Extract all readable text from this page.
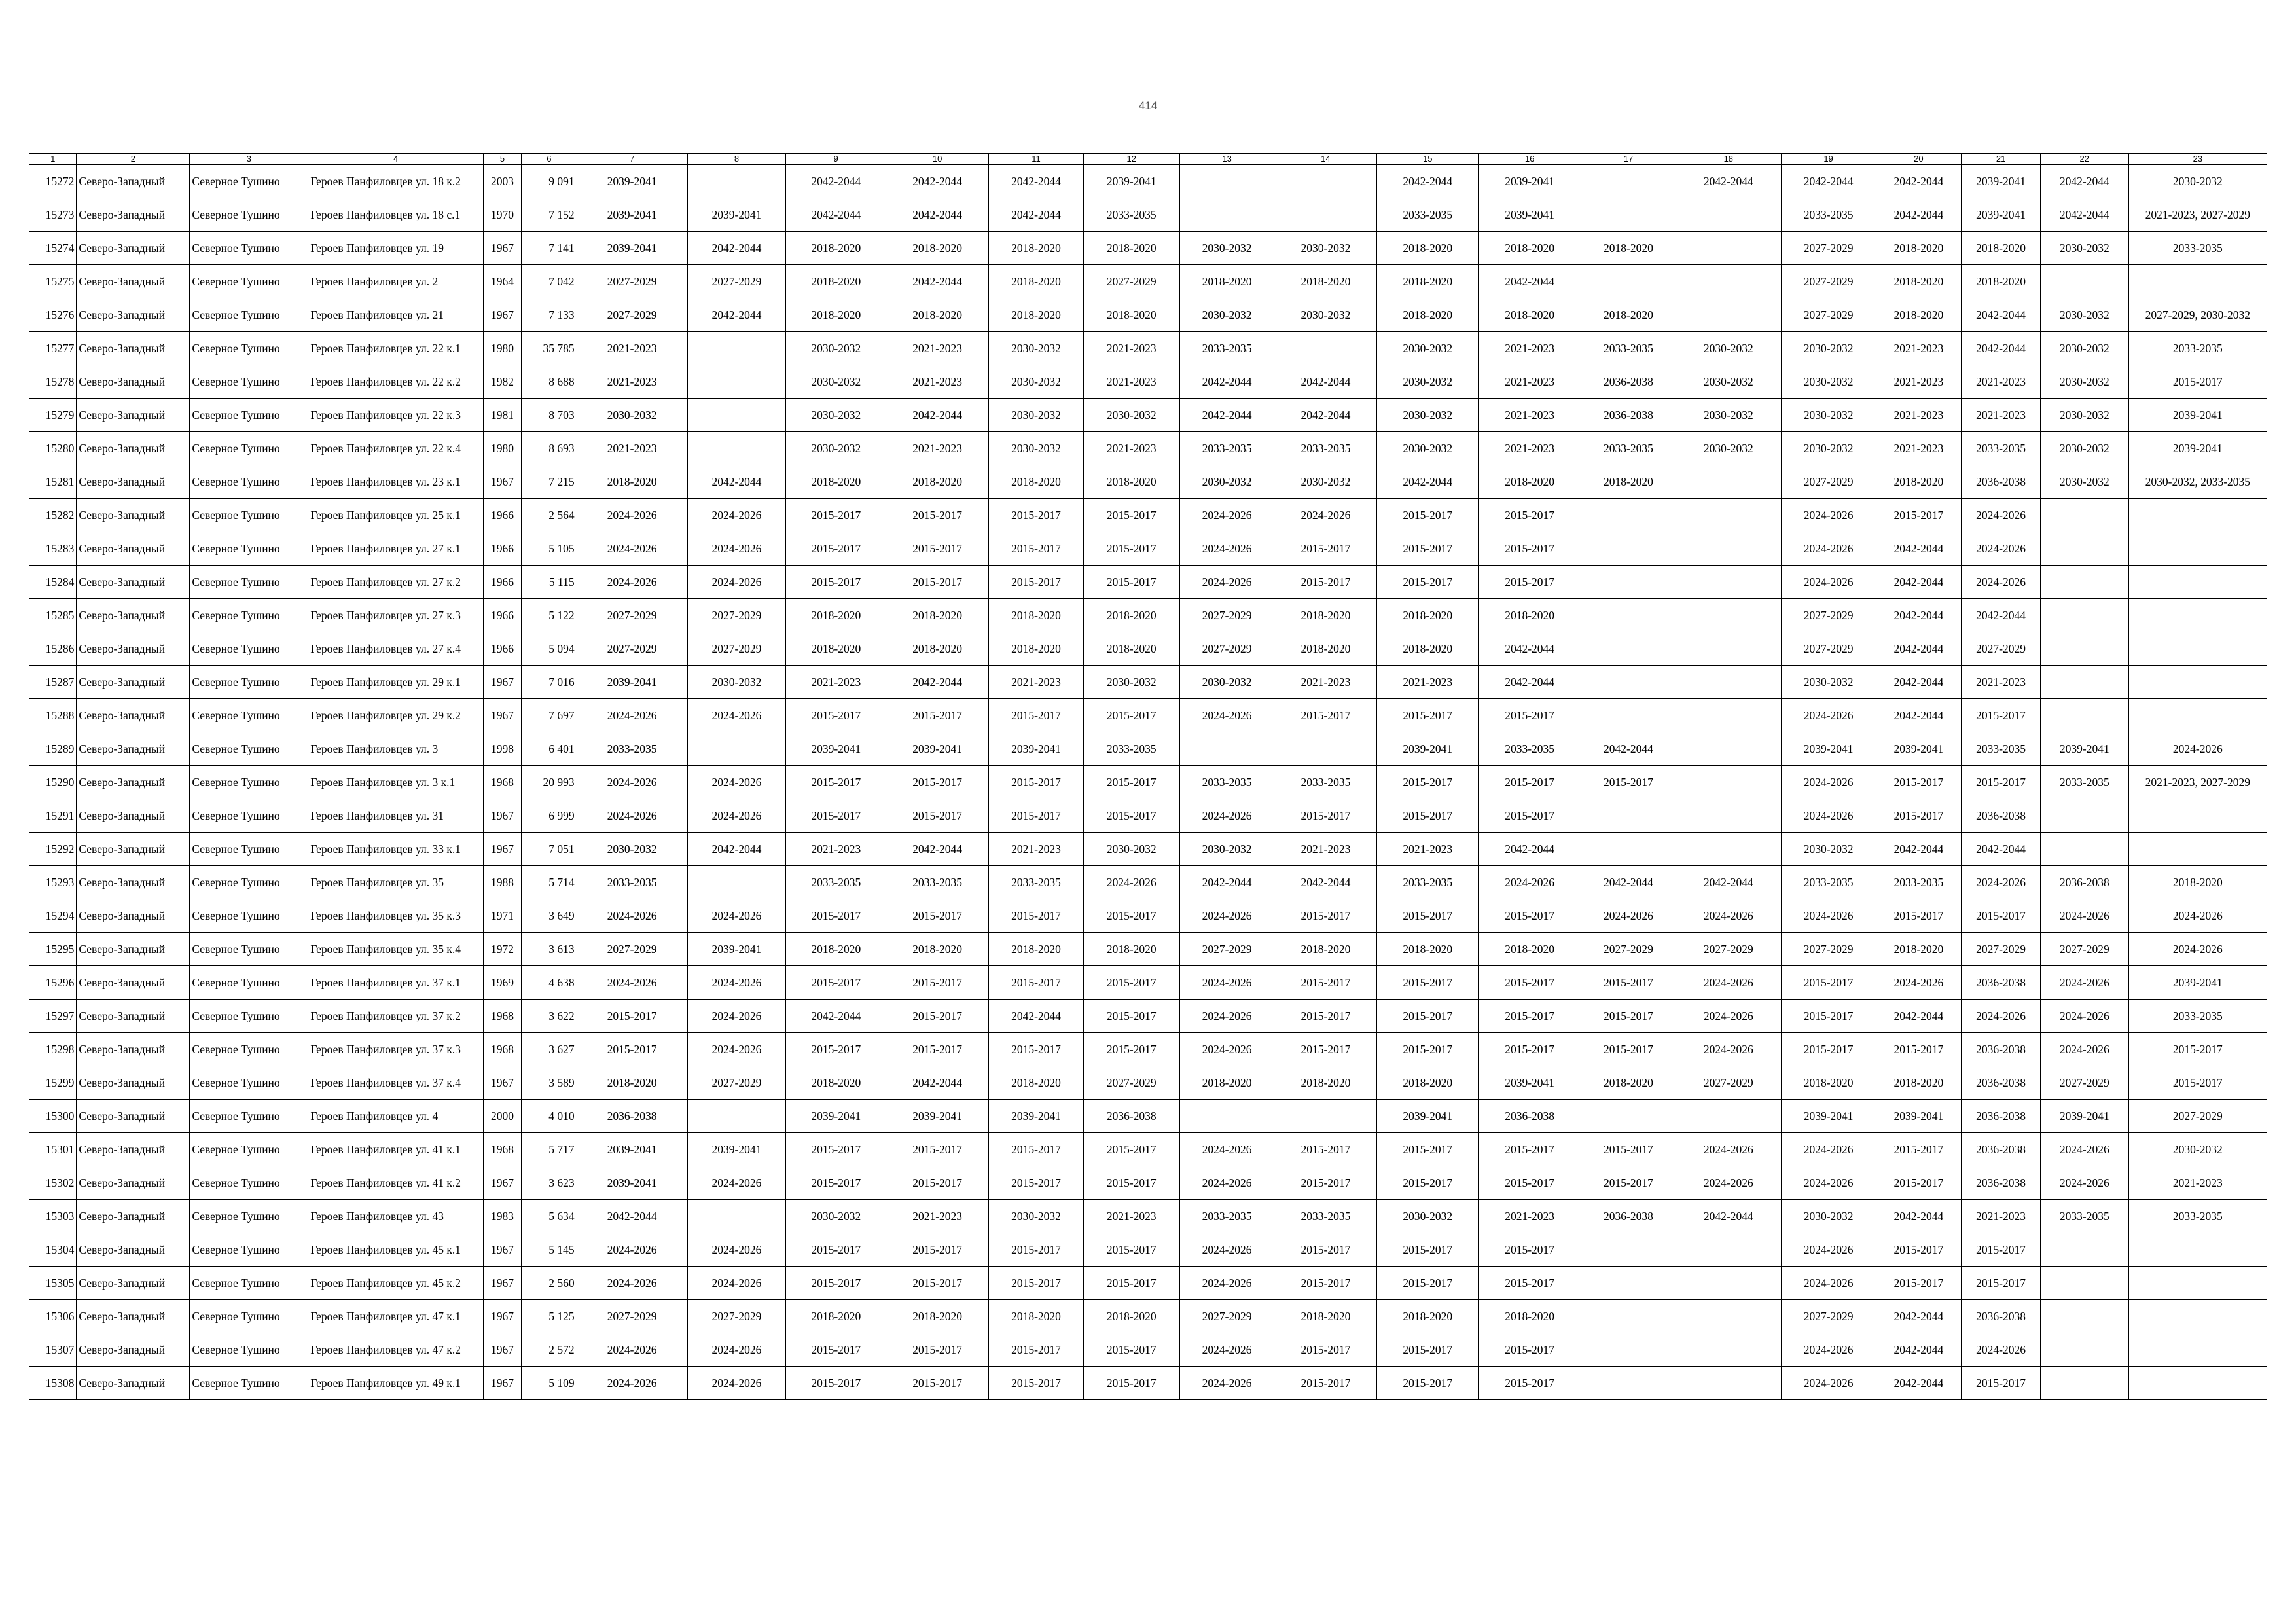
414
1	2	3	4	5	6	7	8	9	10	11	12	13	14	15	16	17	18	19	20	21	22	23
15272	Северо-Западный	Северное Тушино	Героев Панфиловцев ул. 18 к.2	2003	9 091	2039-2041		2042-2044	2042-2044	2042-2044	2039-2041			2042-2044	2039-2041		2042-2044	2042-2044	2042-2044	2039-2041	2042-2044	2030-2032
15273	Северо-Западный	Северное Тушино	Героев Панфиловцев ул. 18 с.1	1970	7 152	2039-2041	2039-2041	2042-2044	2042-2044	2042-2044	2033-2035			2033-2035	2039-2041			2033-2035	2042-2044	2039-2041	2042-2044	2021-2023, 2027-2029
15274	Северо-Западный	Северное Тушино	Героев Панфиловцев ул. 19	1967	7 141	2039-2041	2042-2044	2018-2020	2018-2020	2018-2020	2018-2020	2030-2032	2030-2032	2018-2020	2018-2020	2018-2020		2027-2029	2018-2020	2018-2020	2030-2032	2033-2035
15275	Северо-Западный	Северное Тушино	Героев Панфиловцев ул. 2	1964	7 042	2027-2029	2027-2029	2018-2020	2042-2044	2018-2020	2027-2029	2018-2020	2018-2020	2018-2020	2042-2044			2027-2029	2018-2020	2018-2020		
15276	Северо-Западный	Северное Тушино	Героев Панфиловцев ул. 21	1967	7 133	2027-2029	2042-2044	2018-2020	2018-2020	2018-2020	2018-2020	2030-2032	2030-2032	2018-2020	2018-2020	2018-2020		2027-2029	2018-2020	2042-2044	2030-2032	2027-2029, 2030-2032
15277	Северо-Западный	Северное Тушино	Героев Панфиловцев ул. 22 к.1	1980	35 785	2021-2023		2030-2032	2021-2023	2030-2032	2021-2023	2033-2035		2030-2032	2021-2023	2033-2035	2030-2032	2030-2032	2021-2023	2042-2044	2030-2032	2033-2035
15278	Северо-Западный	Северное Тушино	Героев Панфиловцев ул. 22 к.2	1982	8 688	2021-2023		2030-2032	2021-2023	2030-2032	2021-2023	2042-2044	2042-2044	2030-2032	2021-2023	2036-2038	2030-2032	2030-2032	2021-2023	2021-2023	2030-2032	2015-2017
15279	Северо-Западный	Северное Тушино	Героев Панфиловцев ул. 22 к.3	1981	8 703	2030-2032		2030-2032	2042-2044	2030-2032	2030-2032	2042-2044	2042-2044	2030-2032	2021-2023	2036-2038	2030-2032	2030-2032	2021-2023	2021-2023	2030-2032	2039-2041
15280	Северо-Западный	Северное Тушино	Героев Панфиловцев ул. 22 к.4	1980	8 693	2021-2023		2030-2032	2021-2023	2030-2032	2021-2023	2033-2035	2033-2035	2030-2032	2021-2023	2033-2035	2030-2032	2030-2032	2021-2023	2033-2035	2030-2032	2039-2041
15281	Северо-Западный	Северное Тушино	Героев Панфиловцев ул. 23 к.1	1967	7 215	2018-2020	2042-2044	2018-2020	2018-2020	2018-2020	2018-2020	2030-2032	2030-2032	2042-2044	2018-2020	2018-2020		2027-2029	2018-2020	2036-2038	2030-2032	2030-2032, 2033-2035
15282	Северо-Западный	Северное Тушино	Героев Панфиловцев ул. 25 к.1	1966	2 564	2024-2026	2024-2026	2015-2017	2015-2017	2015-2017	2015-2017	2024-2026	2024-2026	2015-2017	2015-2017			2024-2026	2015-2017	2024-2026		
15283	Северо-Западный	Северное Тушино	Героев Панфиловцев ул. 27 к.1	1966	5 105	2024-2026	2024-2026	2015-2017	2015-2017	2015-2017	2015-2017	2024-2026	2015-2017	2015-2017	2015-2017			2024-2026	2042-2044	2024-2026		
15284	Северо-Западный	Северное Тушино	Героев Панфиловцев ул. 27 к.2	1966	5 115	2024-2026	2024-2026	2015-2017	2015-2017	2015-2017	2015-2017	2024-2026	2015-2017	2015-2017	2015-2017			2024-2026	2042-2044	2024-2026		
15285	Северо-Западный	Северное Тушино	Героев Панфиловцев ул. 27 к.3	1966	5 122	2027-2029	2027-2029	2018-2020	2018-2020	2018-2020	2018-2020	2027-2029	2018-2020	2018-2020	2018-2020			2027-2029	2042-2044	2042-2044		
15286	Северо-Западный	Северное Тушино	Героев Панфиловцев ул. 27 к.4	1966	5 094	2027-2029	2027-2029	2018-2020	2018-2020	2018-2020	2018-2020	2027-2029	2018-2020	2018-2020	2042-2044			2027-2029	2042-2044	2027-2029		
15287	Северо-Западный	Северное Тушино	Героев Панфиловцев ул. 29 к.1	1967	7 016	2039-2041	2030-2032	2021-2023	2042-2044	2021-2023	2030-2032	2030-2032	2021-2023	2021-2023	2042-2044			2030-2032	2042-2044	2021-2023		
15288	Северо-Западный	Северное Тушино	Героев Панфиловцев ул. 29 к.2	1967	7 697	2024-2026	2024-2026	2015-2017	2015-2017	2015-2017	2015-2017	2024-2026	2015-2017	2015-2017	2015-2017			2024-2026	2042-2044	2015-2017		
15289	Северо-Западный	Северное Тушино	Героев Панфиловцев ул. 3	1998	6 401	2033-2035		2039-2041	2039-2041	2039-2041	2033-2035			2039-2041	2033-2035	2042-2044		2039-2041	2039-2041	2033-2035	2039-2041	2024-2026
15290	Северо-Западный	Северное Тушино	Героев Панфиловцев ул. 3 к.1	1968	20 993	2024-2026	2024-2026	2015-2017	2015-2017	2015-2017	2015-2017	2033-2035	2033-2035	2015-2017	2015-2017	2015-2017		2024-2026	2015-2017	2015-2017	2033-2035	2021-2023, 2027-2029
15291	Северо-Западный	Северное Тушино	Героев Панфиловцев ул. 31	1967	6 999	2024-2026	2024-2026	2015-2017	2015-2017	2015-2017	2015-2017	2024-2026	2015-2017	2015-2017	2015-2017			2024-2026	2015-2017	2036-2038		
15292	Северо-Западный	Северное Тушино	Героев Панфиловцев ул. 33 к.1	1967	7 051	2030-2032	2042-2044	2021-2023	2042-2044	2021-2023	2030-2032	2030-2032	2021-2023	2021-2023	2042-2044			2030-2032	2042-2044	2042-2044		
15293	Северо-Западный	Северное Тушино	Героев Панфиловцев ул. 35	1988	5 714	2033-2035		2033-2035	2033-2035	2033-2035	2024-2026	2042-2044	2042-2044	2033-2035	2024-2026	2042-2044	2042-2044	2033-2035	2033-2035	2024-2026	2036-2038	2018-2020
15294	Северо-Западный	Северное Тушино	Героев Панфиловцев ул. 35 к.3	1971	3 649	2024-2026	2024-2026	2015-2017	2015-2017	2015-2017	2015-2017	2024-2026	2015-2017	2015-2017	2015-2017	2024-2026	2024-2026	2024-2026	2015-2017	2015-2017	2024-2026	2024-2026
15295	Северо-Западный	Северное Тушино	Героев Панфиловцев ул. 35 к.4	1972	3 613	2027-2029	2039-2041	2018-2020	2018-2020	2018-2020	2018-2020	2027-2029	2018-2020	2018-2020	2018-2020	2027-2029	2027-2029	2027-2029	2018-2020	2027-2029	2027-2029	2024-2026
15296	Северо-Западный	Северное Тушино	Героев Панфиловцев ул. 37 к.1	1969	4 638	2024-2026	2024-2026	2015-2017	2015-2017	2015-2017	2015-2017	2024-2026	2015-2017	2015-2017	2015-2017	2015-2017	2024-2026	2015-2017	2024-2026	2036-2038	2024-2026	2039-2041
15297	Северо-Западный	Северное Тушино	Героев Панфиловцев ул. 37 к.2	1968	3 622	2015-2017	2024-2026	2042-2044	2015-2017	2042-2044	2015-2017	2024-2026	2015-2017	2015-2017	2015-2017	2015-2017	2024-2026	2015-2017	2042-2044	2024-2026	2024-2026	2033-2035
15298	Северо-Западный	Северное Тушино	Героев Панфиловцев ул. 37 к.3	1968	3 627	2015-2017	2024-2026	2015-2017	2015-2017	2015-2017	2015-2017	2024-2026	2015-2017	2015-2017	2015-2017	2015-2017	2024-2026	2015-2017	2015-2017	2036-2038	2024-2026	2015-2017
15299	Северо-Западный	Северное Тушино	Героев Панфиловцев ул. 37 к.4	1967	3 589	2018-2020	2027-2029	2018-2020	2042-2044	2018-2020	2027-2029	2018-2020	2018-2020	2018-2020	2039-2041	2018-2020	2027-2029	2018-2020	2018-2020	2036-2038	2027-2029	2015-2017
15300	Северо-Западный	Северное Тушино	Героев Панфиловцев ул. 4	2000	4 010	2036-2038		2039-2041	2039-2041	2039-2041	2036-2038			2039-2041	2036-2038			2039-2041	2039-2041	2036-2038	2039-2041	2027-2029
15301	Северо-Западный	Северное Тушино	Героев Панфиловцев ул. 41 к.1	1968	5 717	2039-2041	2039-2041	2015-2017	2015-2017	2015-2017	2015-2017	2024-2026	2015-2017	2015-2017	2015-2017	2015-2017	2024-2026	2024-2026	2015-2017	2036-2038	2024-2026	2030-2032
15302	Северо-Западный	Северное Тушино	Героев Панфиловцев ул. 41 к.2	1967	3 623	2039-2041	2024-2026	2015-2017	2015-2017	2015-2017	2015-2017	2024-2026	2015-2017	2015-2017	2015-2017	2015-2017	2024-2026	2024-2026	2015-2017	2036-2038	2024-2026	2021-2023
15303	Северо-Западный	Северное Тушино	Героев Панфиловцев ул. 43	1983	5 634	2042-2044		2030-2032	2021-2023	2030-2032	2021-2023	2033-2035	2033-2035	2030-2032	2021-2023	2036-2038	2042-2044	2030-2032	2042-2044	2021-2023	2033-2035	2033-2035
15304	Северо-Западный	Северное Тушино	Героев Панфиловцев ул. 45 к.1	1967	5 145	2024-2026	2024-2026	2015-2017	2015-2017	2015-2017	2015-2017	2024-2026	2015-2017	2015-2017	2015-2017			2024-2026	2015-2017	2015-2017		
15305	Северо-Западный	Северное Тушино	Героев Панфиловцев ул. 45 к.2	1967	2 560	2024-2026	2024-2026	2015-2017	2015-2017	2015-2017	2015-2017	2024-2026	2015-2017	2015-2017	2015-2017			2024-2026	2015-2017	2015-2017		
15306	Северо-Западный	Северное Тушино	Героев Панфиловцев ул. 47 к.1	1967	5 125	2027-2029	2027-2029	2018-2020	2018-2020	2018-2020	2018-2020	2027-2029	2018-2020	2018-2020	2018-2020			2027-2029	2042-2044	2036-2038		
15307	Северо-Западный	Северное Тушино	Героев Панфиловцев ул. 47 к.2	1967	2 572	2024-2026	2024-2026	2015-2017	2015-2017	2015-2017	2015-2017	2024-2026	2015-2017	2015-2017	2015-2017			2024-2026	2042-2044	2024-2026		
15308	Северо-Западный	Северное Тушино	Героев Панфиловцев ул. 49 к.1	1967	5 109	2024-2026	2024-2026	2015-2017	2015-2017	2015-2017	2015-2017	2024-2026	2015-2017	2015-2017	2015-2017			2024-2026	2042-2044	2015-2017		
